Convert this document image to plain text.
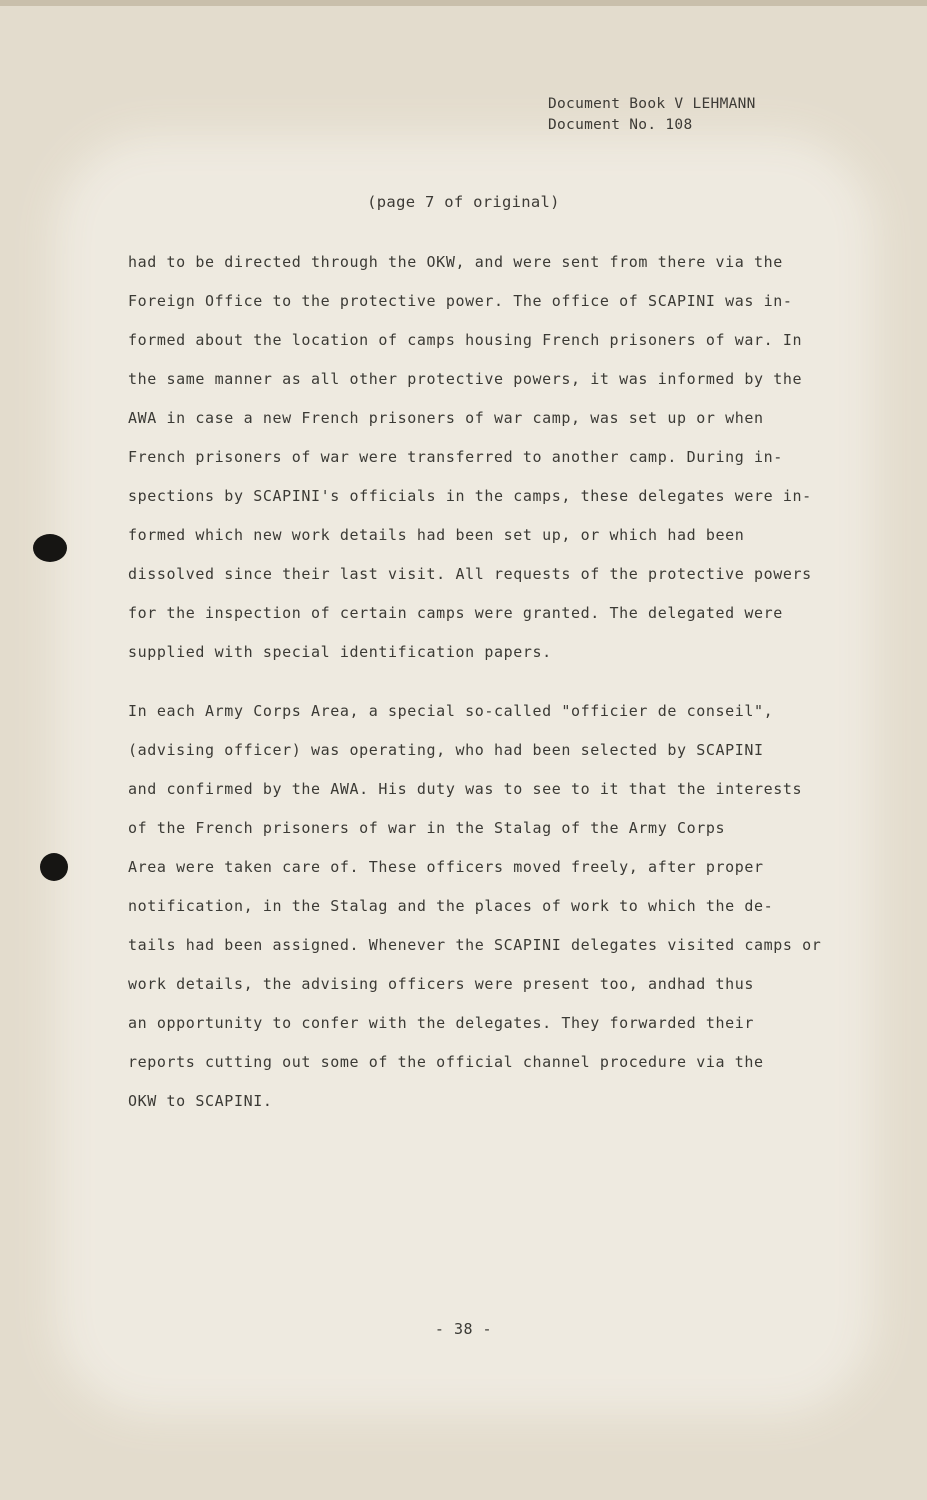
Document Book V LEHMANN
Document No. 108
(page 7 of original)
had to be directed through the OKW, and were sent from there via the
Foreign Office to the protective power. The office of SCAPINI was in-
formed about the location of camps housing French prisoners of war. In
the same manner as all other protective powers, it was informed by the
AWA in case a new French prisoners of war camp, was set up or when
French prisoners of war were transferred to another camp. During in-
spections by SCAPINI's officials in the camps, these delegates were in-
formed which new work details had been set up, or which had been
dissolved since their last visit. All requests of the protective powers
for the inspection of certain camps were granted. The delegated were
supplied with special identification papers.
In each Army Corps Area, a special so-called "officier de conseil",
(advising officer) was operating, who had been selected by SCAPINI
and confirmed by the AWA. His duty was to see to it that the interests
of the French prisoners of war in the Stalag of the Army Corps
Area were taken care of. These officers moved freely, after proper
notification, in the Stalag and the places of work to which the de-
tails had been assigned. Whenever the SCAPINI delegates visited camps or
work details, the advising officers were present too, andhad thus
an opportunity to confer with the delegates. They forwarded their
reports cutting out some of the official channel procedure via the
OKW to SCAPINI.
- 38 -
